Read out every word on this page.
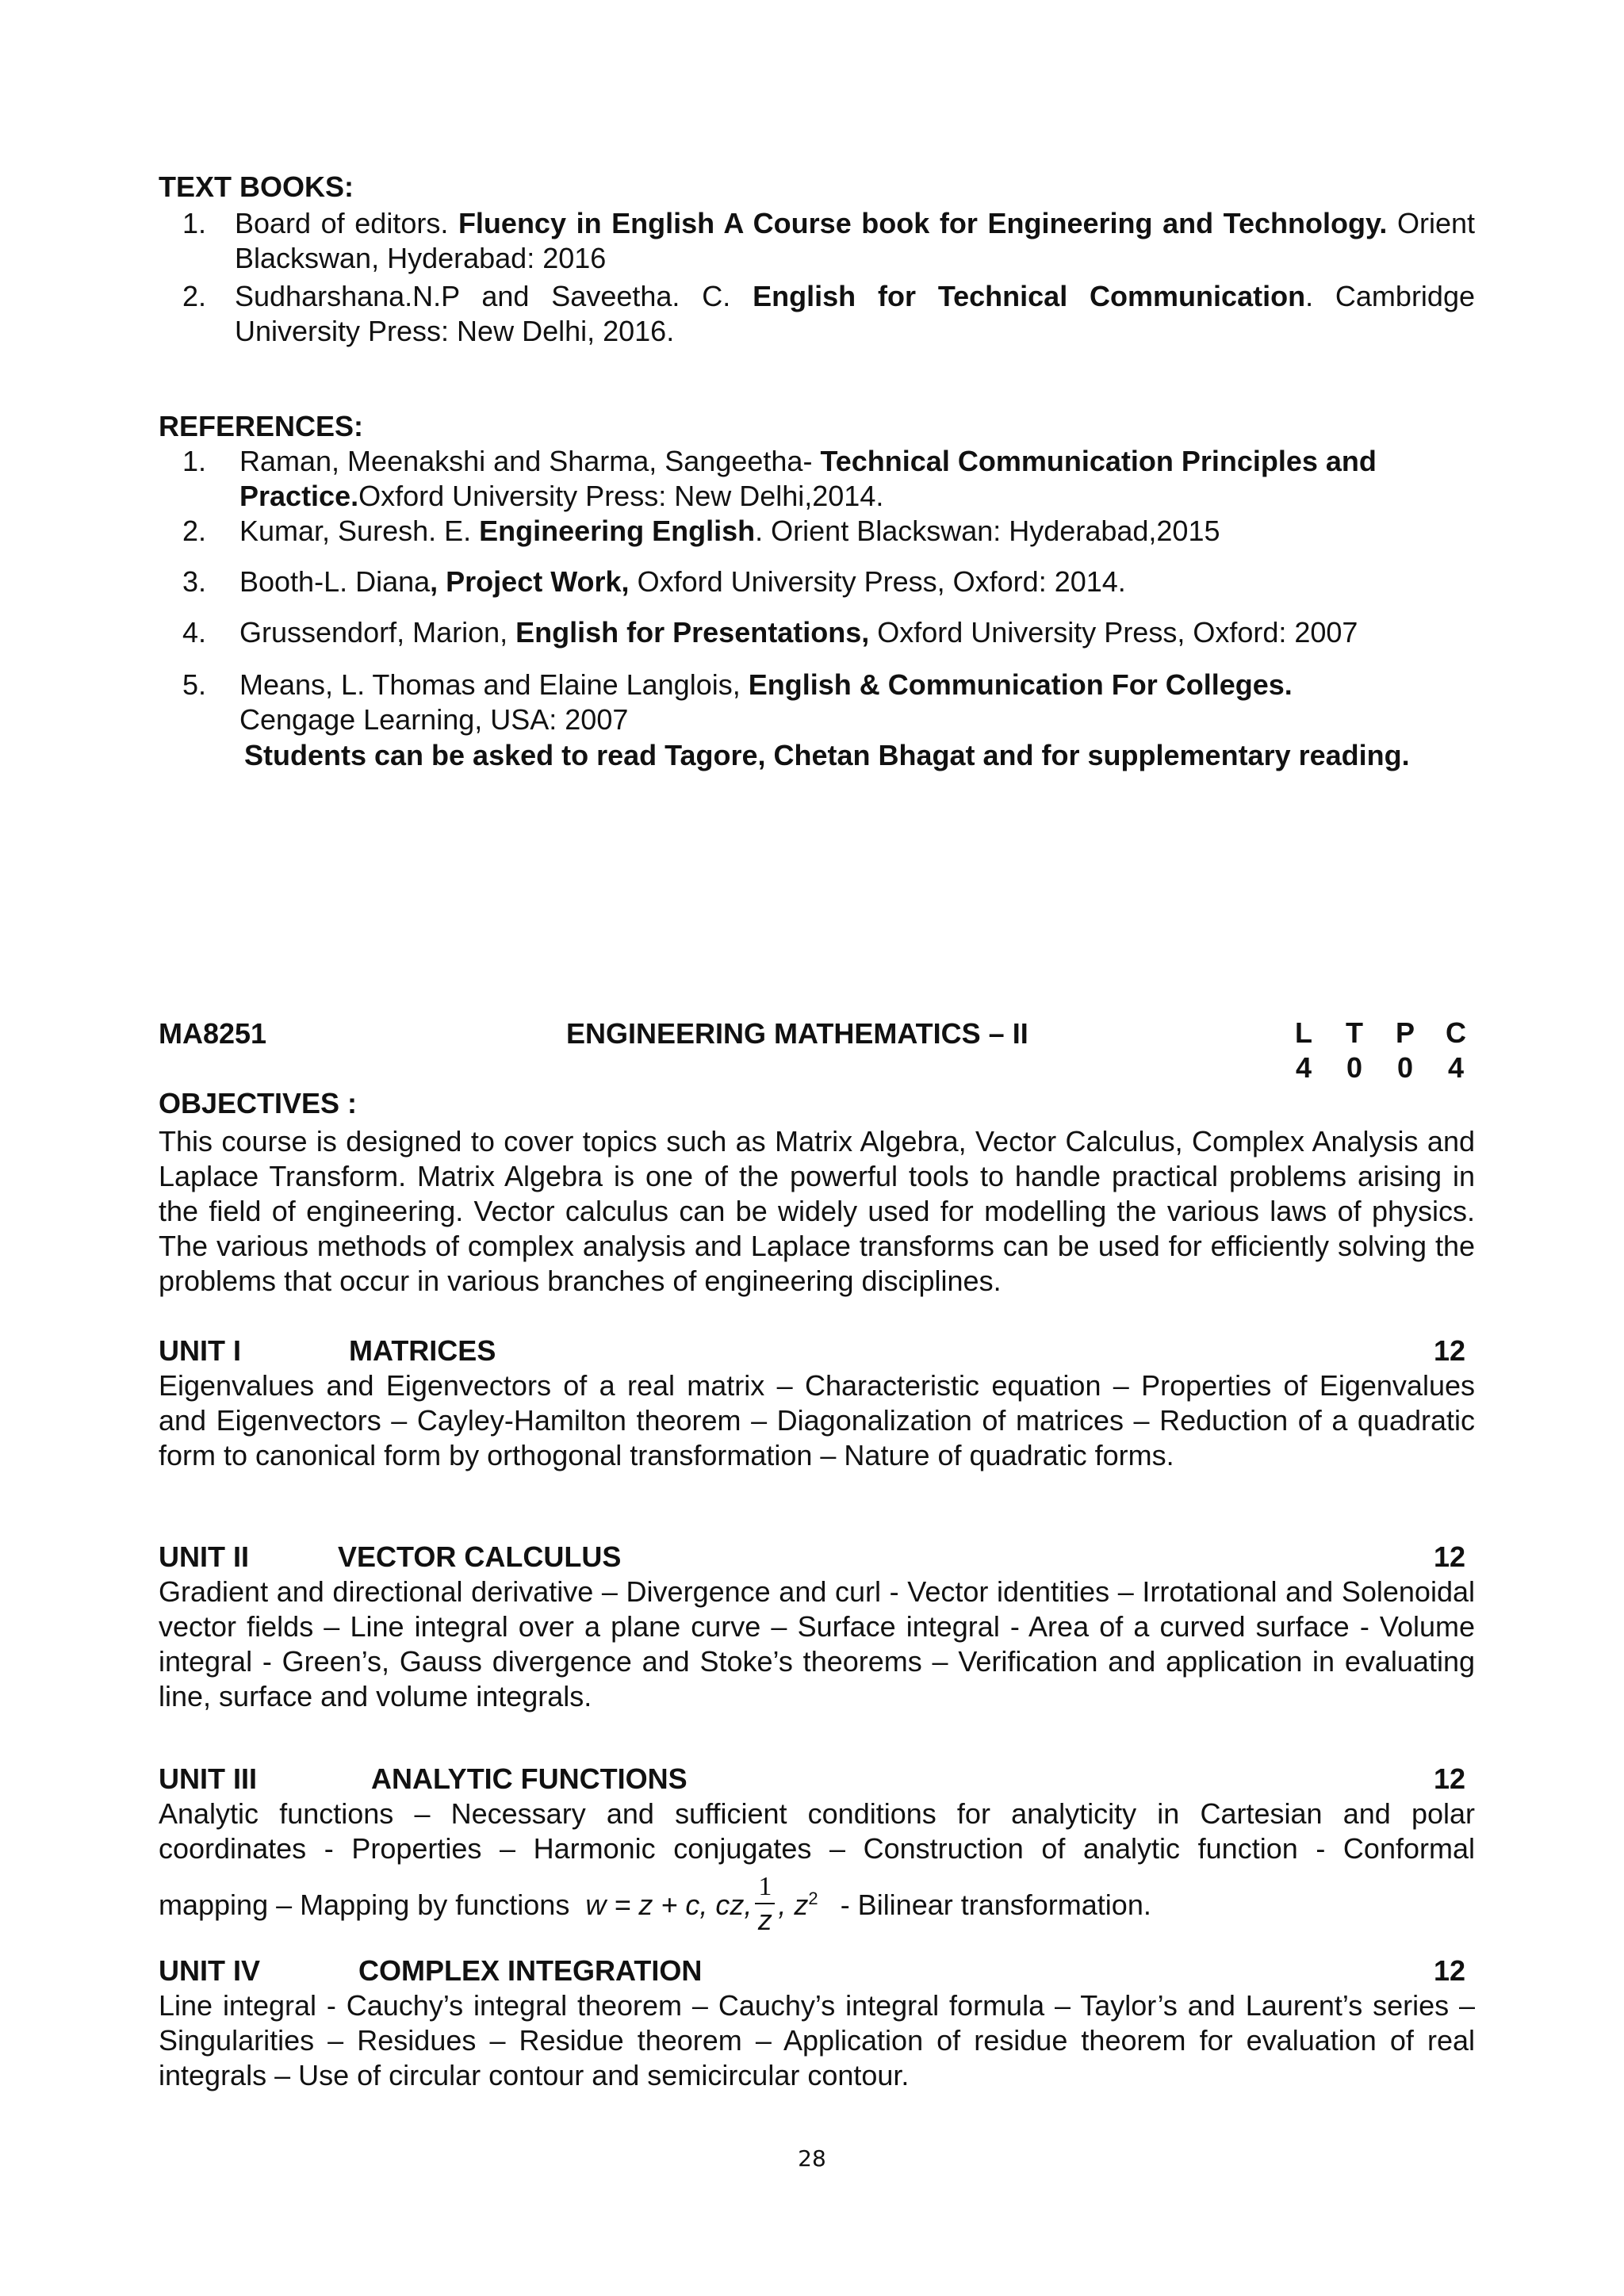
TEXT BOOKS:
1. Board of editors. Fluency in English A Course book for Engineering and Technology. Orient Blackswan, Hyderabad: 2016
2. Sudharshana.N.P and Saveetha. C. English for Technical Communication. Cambridge University Press: New Delhi, 2016.
REFERENCES:
1. Raman, Meenakshi and Sharma, Sangeetha- Technical Communication Principles and Practice.Oxford University Press: New Delhi,2014.
2. Kumar, Suresh. E. Engineering English. Orient Blackswan: Hyderabad,2015
3. Booth-L. Diana, Project Work, Oxford University Press, Oxford: 2014.
4. Grussendorf, Marion, English for Presentations, Oxford University Press, Oxford: 2007
5. Means, L. Thomas and Elaine Langlois, English & Communication For Colleges.
Cengage Learning, USA: 2007
Students can be asked to read Tagore, Chetan Bhagat and for supplementary reading.
MA8251	ENGINEERING MATHEMATICS – II	L T P C
4 0 0 4
OBJECTIVES :
This course is designed to cover topics such as Matrix Algebra, Vector Calculus, Complex Analysis and Laplace Transform. Matrix Algebra is one of the powerful tools to handle practical problems arising in the field of engineering. Vector calculus can be widely used for modelling the various laws of physics. The various methods of complex analysis and Laplace transforms can be used for efficiently solving the problems that occur in various branches of engineering disciplines.
UNIT I	MATRICES	12
Eigenvalues and Eigenvectors of a real matrix – Characteristic equation – Properties of Eigenvalues and Eigenvectors – Cayley-Hamilton theorem – Diagonalization of matrices – Reduction of a quadratic form to canonical form by orthogonal transformation – Nature of quadratic forms.
UNIT II	VECTOR CALCULUS	12
Gradient and directional derivative – Divergence and curl - Vector identities – Irrotational and Solenoidal vector fields – Line integral over a plane curve – Surface integral - Area of a curved surface - Volume integral - Green’s, Gauss divergence and Stoke’s theorems – Verification and application in evaluating line, surface and volume integrals.
UNIT III	ANALYTIC FUNCTIONS	12
Analytic functions – Necessary and sufficient conditions for analyticity in Cartesian and polar coordinates - Properties – Harmonic conjugates – Construction of analytic function - Conformal
mapping – Mapping by functions w = z + c, cz, $\frac{1}{z}$ , $z^2$ - Bilinear transformation.
UNIT IV	COMPLEX INTEGRATION	12
Line integral - Cauchy’s integral theorem – Cauchy’s integral formula – Taylor’s and Laurent’s series – Singularities – Residues – Residue theorem – Application of residue theorem for evaluation of real integrals – Use of circular contour and semicircular contour.
28
